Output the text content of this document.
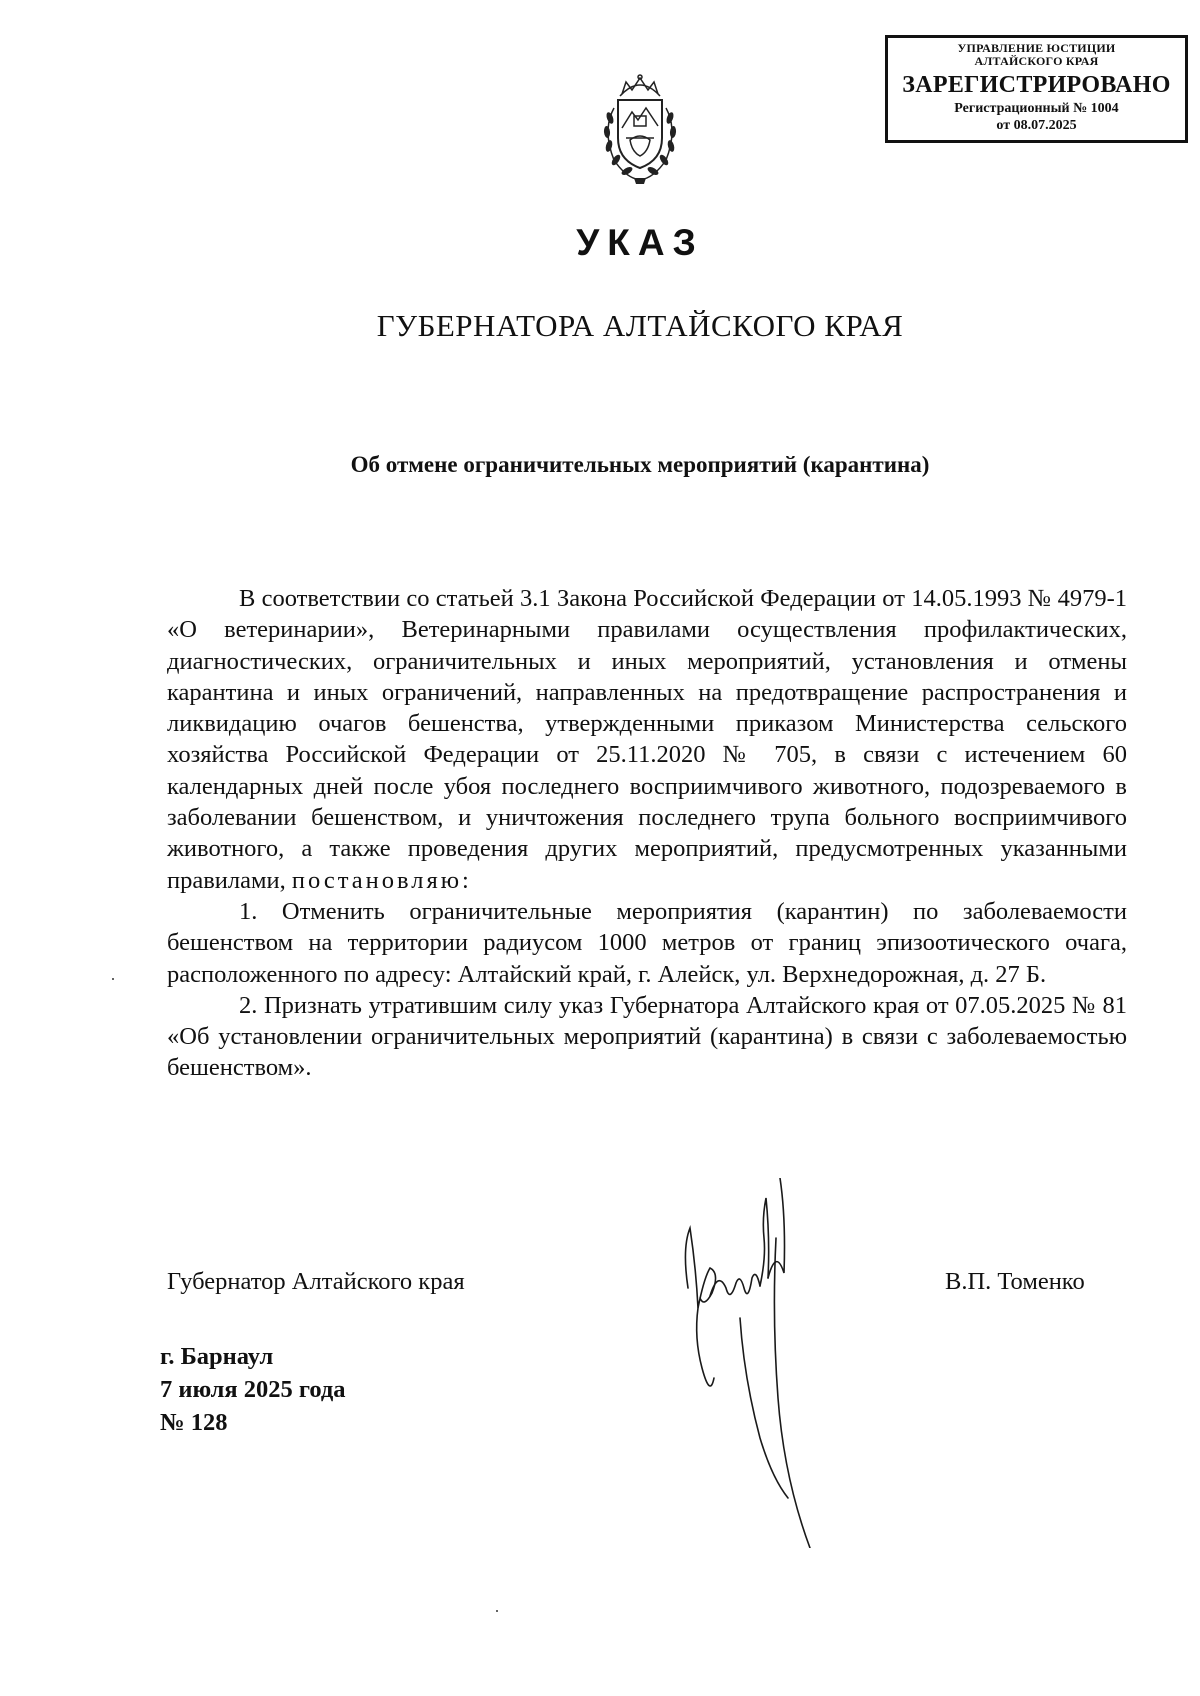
УПРАВЛЕНИЕ ЮСТИЦИИ
АЛТАЙСКОГО КРАЯ
ЗАРЕГИСТРИРОВАНО
Регистрационный № 1004
от 08.07.2025
УКАЗ
ГУБЕРНАТОРА АЛТАЙСКОГО КРАЯ
Об отмене ограничительных мероприятий (карантина)

В соответствии со статьей 3.1 Закона Российской Федерации от 14.05.1993 № 4979-1 «О ветеринарии», Ветеринарными правилами осуществления профилактических, диагностических, ограничительных и иных мероприятий, установления и отмены карантина и иных ограничений, направленных на предотвращение распространения и ликвидацию очагов бешенства, утвержденными приказом Министерства сельского хозяйства Российской Федерации от 25.11.2020 № 705, в связи с истечением 60 календарных дней после убоя последнего восприимчивого животного, подозреваемого в заболевании бешенством, и уничтожения последнего трупа больного восприимчивого животного, а также проведения других мероприятий, предусмотренных указанными правилами, постановляю:

1. Отменить ограничительные мероприятия (карантин) по заболеваемости бешенством на территории радиусом 1000 метров от границ эпизоотического очага, расположенного по адресу: Алтайский край, г. Алейск, ул. Верхнедорожная, д. 27 Б.

2. Признать утратившим силу указ Губернатора Алтайского края от 07.05.2025 № 81 «Об установлении ограничительных мероприятий (карантина) в связи с заболеваемостью бешенством».

Губернатор Алтайского края	В.П. Томенко
г. Барнаул
7 июля 2025 года
№ 128
